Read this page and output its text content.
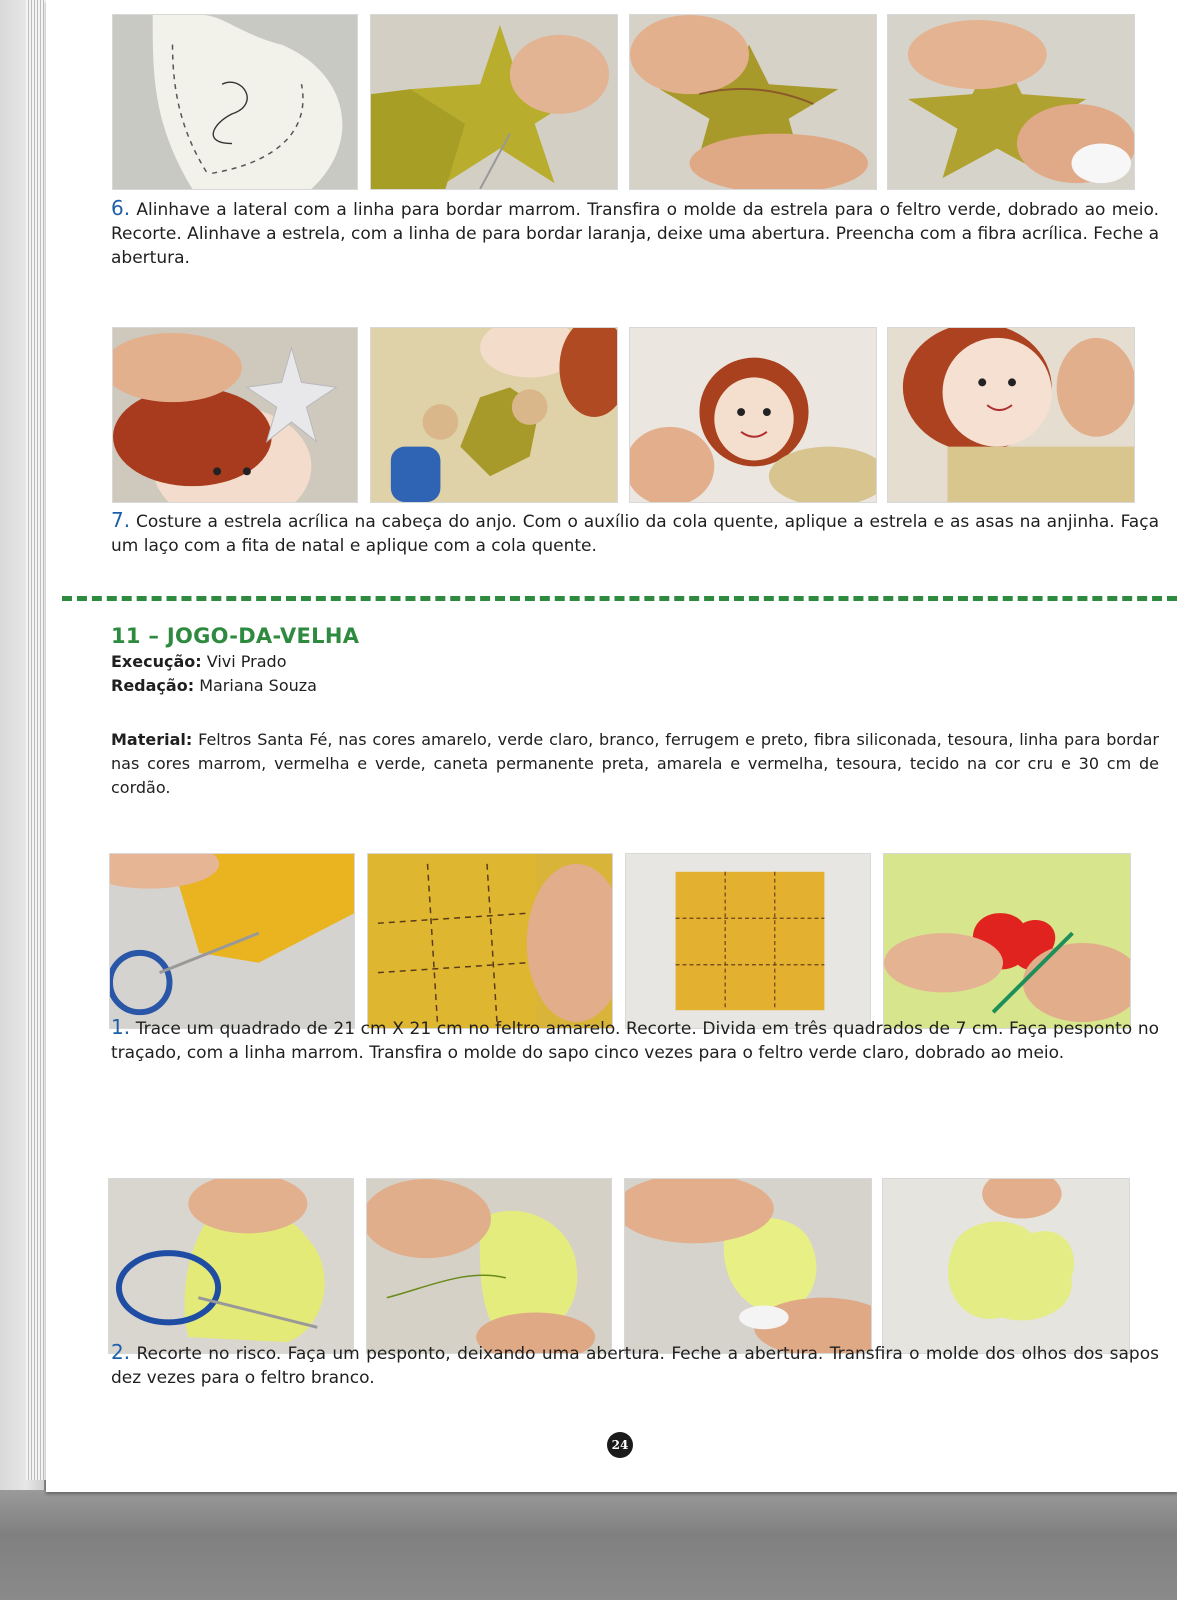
6. Alinhave a lateral com a linha para bordar marrom. Transfira o molde da estrela para o feltro verde, dobrado ao meio. Recorte. Alinhave a estrela, com a linha de para bordar laranja, deixe uma abertura. Preencha com a fibra acrílica. Feche a abertura.

7. Costure a estrela acrílica na cabeça do anjo. Com o auxílio da cola quente, aplique a estrela e as asas na anjinha. Faça um laço com a fita de natal e aplique com a cola quente.

11 – JOGO-DA-VELHA

Execução: Vivi Prado

Redação: Mariana Souza

Material: Feltros Santa Fé, nas cores amarelo, verde claro, branco, ferrugem e preto, fibra siliconada, tesoura, linha para bordar nas cores marrom, vermelha e verde, caneta permanente preta, amarela e vermelha, tesoura, tecido na cor cru e 30 cm de cordão.

1. Trace um quadrado de 21 cm X 21 cm no feltro amarelo. Recorte. Divida em três quadrados de 7 cm. Faça pesponto no traçado, com a linha marrom. Transfira o molde do sapo cinco vezes para o feltro verde claro, dobrado ao meio.

2. Recorte no risco. Faça um pesponto, deixando uma abertura. Feche a abertura. Transfira o molde dos olhos dos sapos dez vezes para o feltro branco.

24
